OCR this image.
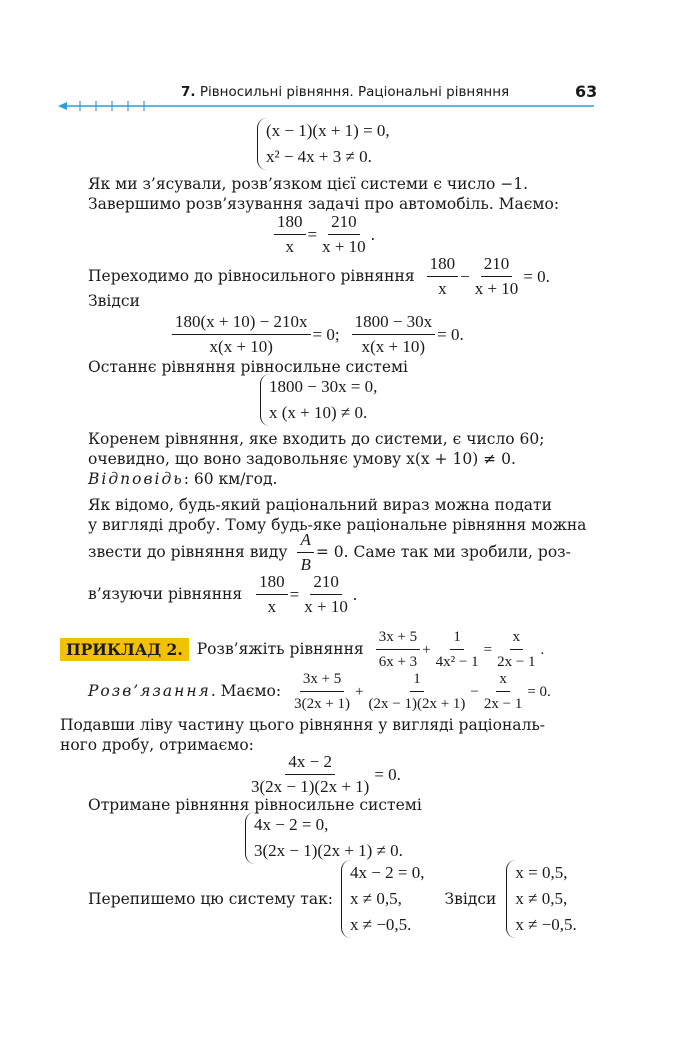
7. Рівносильні рівняння. Раціональні рівняння	63
(x − 1)(x + 1) = 0,
x² − 4x + 3 ≠ 0.
Як ми з’ясували, розв’язком цієї системи є число −1.
Завершимо розв’язування задачі про автомобіль. Маємо:
$\frac{180}{x} = \frac{210}{x + 10}$ .
Переходимо до рівносильного рівняння $\frac{180}{x} - \frac{210}{x + 10} = 0$.
Звідси
$\frac{180(x + 10) - 210x}{x(x + 10)} = 0$; $\frac{1800 - 30x}{x(x + 10)} = 0$.
Останнє рівняння рівносильне системі
1800 − 30x = 0,
x (x + 10) ≠ 0.
Коренем рівняння, яке входить до системи, є число 60;
очевидно, що воно задовольняє умову x(x + 10) ≠ 0.
Відповідь: 60 км/год.
Як відомо, будь-який раціональний вираз можна подати
у вигляді дробу. Тому будь-яке раціональне рівняння можна
звести до рівняння виду $\frac{A}{B} = 0$. Саме так ми зробили, роз-
в’язуючи рівняння $\frac{180}{x} = \frac{210}{x + 10}$ .
ПРИКЛАД 2. Розв’яжіть рівняння $\frac{3x + 5}{6x + 3} + \frac{1}{\text{4x² − 1}} = \frac{x}{2x - 1}$ .
Розв’язання . Маємо: $\frac{3x + 5}{3(2x + 1)} + \frac{1}{(2x - 1)(2x + 1)} - \frac{x}{2x - 1} = 0$.
Подавши ліву частину цього рівняння у вигляді раціональ-
ного дробу, отримаємо:
$\frac{4x - 2}{3(2x - 1)(2x + 1)} = 0$.
Отримане рівняння рівносильне системі
4x − 2 = 0,
3(2x − 1)(2x + 1) ≠ 0.
Перепишемо цю систему так:
4x − 2 = 0,
x ≠ 0,5,
x ≠ −0,5.
Звідси
x = 0,5,
x ≠ 0,5,
x ≠ −0,5.
